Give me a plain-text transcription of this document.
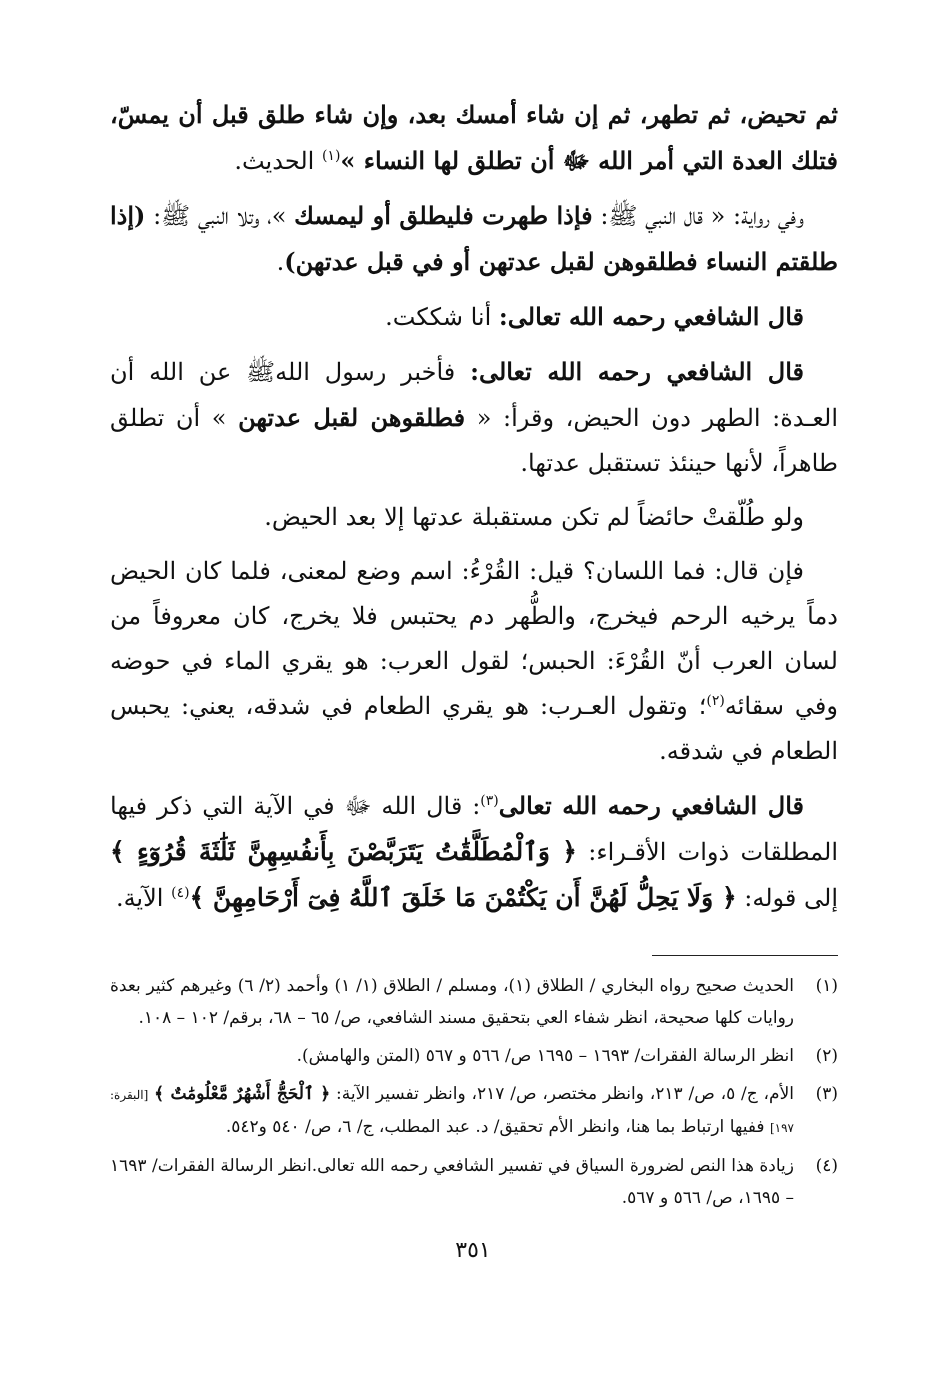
ثم تحيض، ثم تطهر، ثم إن شاء أمسك بعد، وإن شاء طلق قبل أن يمسّ، فتلك العدة التي أمر الله ﷻ أن تطلق لها النساء »$^{(١)}$ الحديث.

وفي رواية: « قال النبي ﷺ: فإذا طهرت فليطلق أو ليمسك »، وتلا النبي ﷺ: (إذا طلقتم النساء فطلقوهن لقبل عدتهن أو في قبل عدتهن).

قال الشافعي رحمه الله تعالى: أنا شككت.

قال الشافعي رحمه الله تعالى: فأخبر رسول اللهﷺ عن الله أن العـدة: الطهر دون الحيض، وقرأ: « فطلقوهن لقبل عدتهن » أن تطلق طاهراً، لأنها حينئذ تستقبل عدتها.

ولو طُلّقتْ حائضاً لم تكن مستقبلة عدتها إلا بعد الحيض.

فإن قال: فما اللسان؟ قيل: القُرْءُ: اسم وضع لمعنى، فلما كان الحيض دماً يرخيه الرحم فيخرج، والطُّهر دم يحتبس فلا يخرج، كان معروفاً من لسان العرب أنّ القُرْءَ: الحبس؛ لقول العرب: هو يقري الماء في حوضه وفي سقائه$^{(٢)}$؛ وتقول العـرب: هو يقري الطعام في شدقه، يعني: يحبس الطعام في شدقه.

قال الشافعي رحمه الله تعالى$^{(٣)}$: قال الله ﷻ في الآية التي ذكر فيها المطلقات ذوات الأقـراء: ﴿ وَٱلْمُطَلَّقَٰتُ يَتَرَبَّصْنَ بِأَنفُسِهِنَّ ثَلَٰثَةَ قُرُوٓءٍ ﴾ إلى قوله: ﴿ وَلَا يَحِلُّ لَهُنَّ أَن يَكْتُمْنَ مَا خَلَقَ ٱللَّهُ فِىٓ أَرْحَامِهِنَّ ﴾$^{(٤)}$ الآية.

(١)
الحديث صحيح رواه البخاري / الطلاق (١)، ومسلم / الطلاق (١/ ١) وأحمد (٢/ ٦) وغيرهم كثير بعدة روايات كلها صحيحة، انظر شفاء العي بتحقيق مسند الشافعي، ص/ ٦٥ – ٦٨، برقم/ ١٠٢ – ١٠٨.
(٢)
انظر الرسالة الفقرات/ ١٦٩٣ – ١٦٩٥ ص/ ٥٦٦ و ٥٦٧ (المتن والهامش).
(٣)
الأم، ج/ ٥، ص/ ٢١٣، وانظر مختصر، ص/ ٢١٧، وانظر تفسير الآية: ﴿ ٱلْحَجُّ أَشْهُرٌ مَّعْلُومَٰتٌ ﴾ [البقرة: ١٩٧] ففيها ارتباط بما هنا، وانظر الأم تحقيق/ د. عبد المطلب، ج/ ٦، ص/ ٥٤٠ و٥٤٢.
(٤)
زيادة هذا النص لضرورة السياق في تفسير الشافعي رحمه الله تعالى.انظر الرسالة الفقرات/ ١٦٩٣ – ١٦٩٥، ص/ ٥٦٦ و ٥٦٧.
٣٥١
